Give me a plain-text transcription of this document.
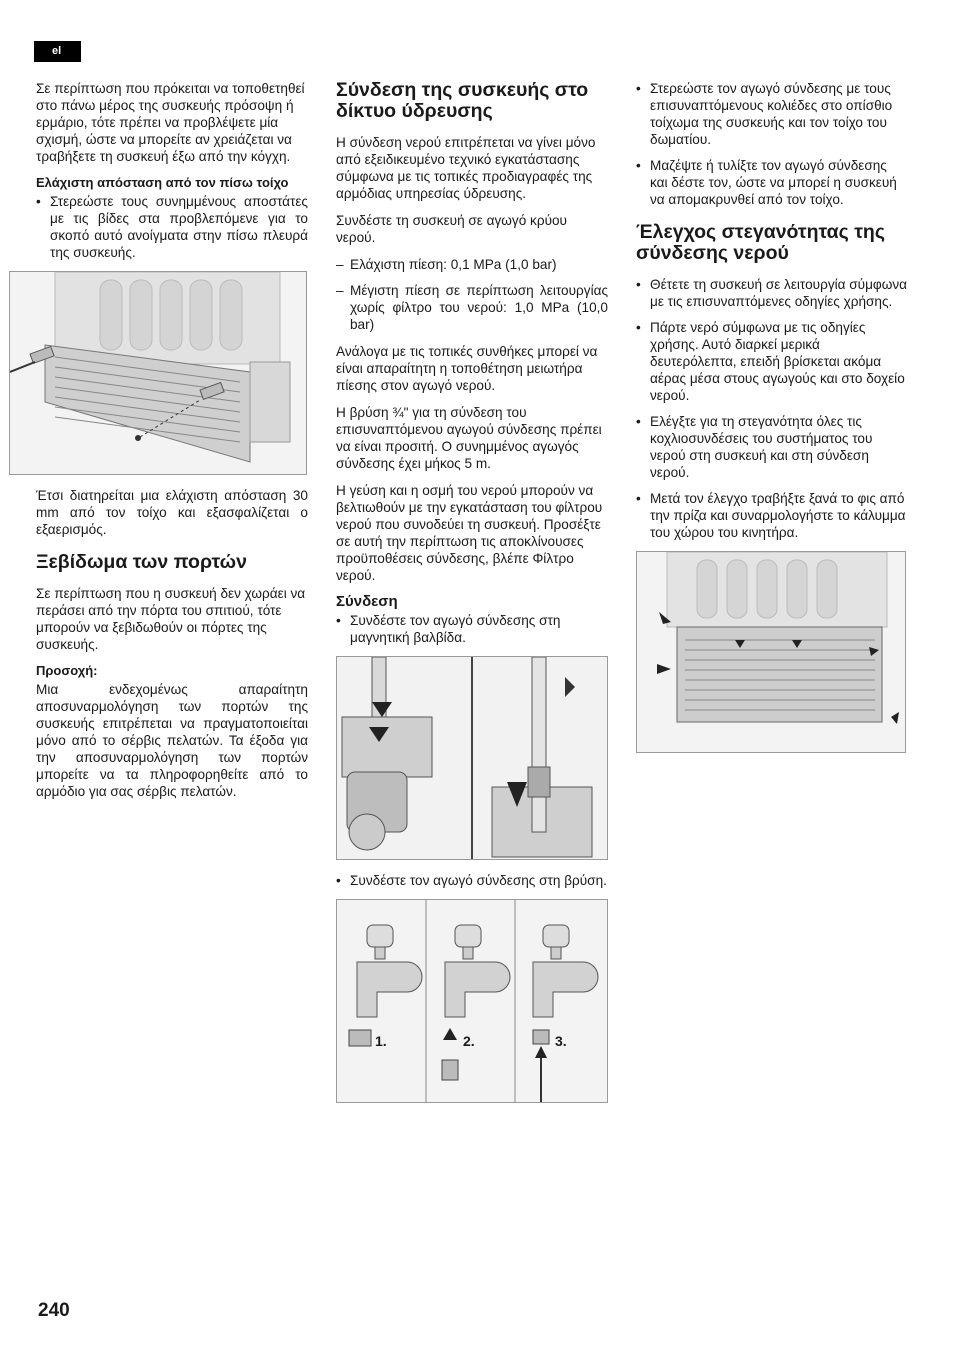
el

Σε περίπτωση που πρόκειται να τοποθετηθεί στο πάνω μέρος της συσκευής πρόσοψη ή ερμάριο, τότε πρέπει να προβλέψετε μία σχισμή, ώστε να μπορείτε αν χρειάζεται να τραβήξετε τη συσκευή έξω από την κόγχη.

Ελάχιστη απόσταση από τον πίσω τοίχο
• Στερεώστε τους συνημμένους αποστάτες με τις βίδες στα προβλεπόμενε για το σκοπό αυτό ανοίγματα στην πίσω πλευρά της συσκευής.

Έτσι διατηρείται μια ελάχιστη απόσταση 30 mm από τον τοίχο και εξασφαλίζεται ο εξαερισμός.

Ξεβίδωμα των πορτών

Σε περίπτωση που η συσκευή δεν χωράει να περάσει από την πόρτα του σπιτιού, τότε μπορούν να ξεβιδωθούν οι πόρτες της συσκευής.

Προσοχή:

Μια ενδεχομένως απαραίτητη αποσυναρμολόγηση των πορτών της συσκευής επιτρέπεται να πραγματοποιείται μόνο από το σέρβις πελατών. Τα έξοδα για την αποσυναρμολόγηση των πορτών μπορείτε να τα πληροφορηθείτε από το αρμόδιο για σας σέρβις πελατών.

Σύνδεση της συσκευής στο δίκτυο ύδρευσης

Η σύνδεση νερού επιτρέπεται να γίνει μόνο από εξειδικευμένο τεχνικό εγκατάστασης σύμφωνα με τις τοπικές προδιαγραφές της αρμόδιας υπηρεσίας ύδρευσης.

Συνδέστε τη συσκευή σε αγωγό κρύου νερού.

– Ελάχιστη πίεση: 0,1 MPa (1,0 bar)
– Μέγιστη πίεση σε περίπτωση λειτουργίας χωρίς φίλτρο του νερού: 1,0 MPa (10,0 bar)

Ανάλογα με τις τοπικές συνθήκες μπορεί να είναι απαραίτητη η τοποθέτηση μειωτήρα πίεσης στον αγωγό νερού.

Η βρύση ¾" για τη σύνδεση του επισυναπτόμενου αγωγού σύνδεσης πρέπει να είναι προσιτή. Ο συνημμένος αγωγός σύνδεσης έχει μήκος 5 m.

Η γεύση και η οσμή του νερού μπορούν να βελτιωθούν με την εγκατάσταση του φίλτρου νερού που συνοδεύει τη συσκευή. Προσέξτε σε αυτή την περίπτωση τις αποκλίνουσες προϋποθέσεις σύνδεσης, βλέπε Φίλτρο νερού.

Σύνδεση
• Συνδέστε τον αγωγό σύνδεσης στη μαγνητική βαλβίδα.
• Συνδέστε τον αγωγό σύνδεσης στη βρύση.
1.	2.	3.
• Στερεώστε τον αγωγό σύνδεσης με τους επισυναπτόμενους κολιέδες στο οπίσθιο τοίχωμα της συσκευής και τον τοίχο του δωματίου.
• Μαζέψτε ή τυλίξτε τον αγωγό σύνδεσης και δέστε τον, ώστε να μπορεί η συσκευή να απομακρυνθεί από τον τοίχο.
Έλεγχος στεγανότητας της σύνδεσης νερού
• Θέτετε τη συσκευή σε λειτουργία σύμφωνα με τις επισυναπτόμενες οδηγίες χρήσης.
• Πάρτε νερό σύμφωνα με τις οδηγίες χρήσης. Αυτό διαρκεί μερικά δευτερόλεπτα, επειδή βρίσκεται ακόμα αέρας μέσα στους αγωγούς και στο δοχείο νερού.
• Ελέγξτε για τη στεγανότητα όλες τις κοχλιοσυνδέσεις του συστήματος του νερού στη συσκευή και στη σύνδεση νερού.
• Μετά τον έλεγχο τραβήξτε ξανά το φις από την πρίζα και συναρμολογήστε το κάλυμμα του χώρου του κινητήρα.
240
